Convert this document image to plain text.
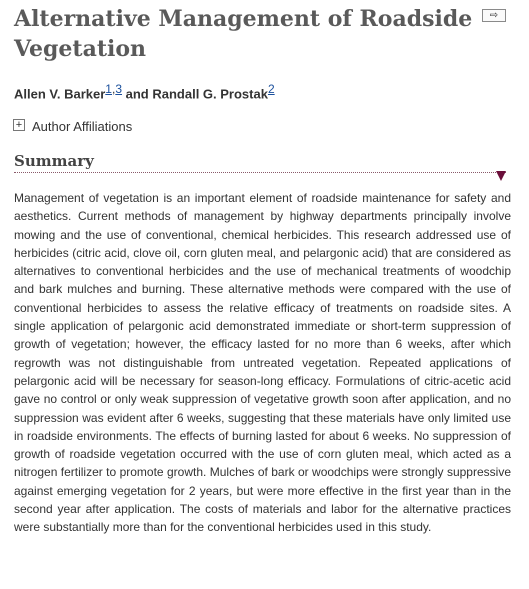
Alternative Management of Roadside Vegetation
⇨
Allen V. Barker$^{1,3}$ and Randall G. Prostak$^2$
+ Author Affiliations
Summary

Management of vegetation is an important element of roadside maintenance for safety and aesthetics. Current methods of management by highway departments principally involve mowing and the use of conventional, chemical herbicides. This research addressed use of herbicides (citric acid, clove oil, corn gluten meal, and pelargonic acid) that are considered as alternatives to conventional herbicides and the use of mechanical treatments of woodchip and bark mulches and burning. These alternative methods were compared with the use of conventional herbicides to assess the relative efficacy of treatments on roadside sites. A single application of pelargonic acid demonstrated immediate or short-term suppression of growth of vegetation; however, the efficacy lasted for no more than 6 weeks, after which regrowth was not distinguishable from untreated vegetation. Repeated applications of pelargonic acid will be necessary for season-long efficacy. Formulations of citric-acetic acid gave no control or only weak suppression of vegetative growth soon after application, and no suppression was evident after 6 weeks, suggesting that these materials have only limited use in roadside environments. The effects of burning lasted for about 6 weeks. No suppression of growth of roadside vegetation occurred with the use of corn gluten meal, which acted as a nitrogen fertilizer to promote growth. Mulches of bark or woodchips were strongly suppressive against emerging vegetation for 2 years, but were more effective in the first year than in the second year after application. The costs of materials and labor for the alternative practices were substantially more than for the conventional herbicides used in this study.
